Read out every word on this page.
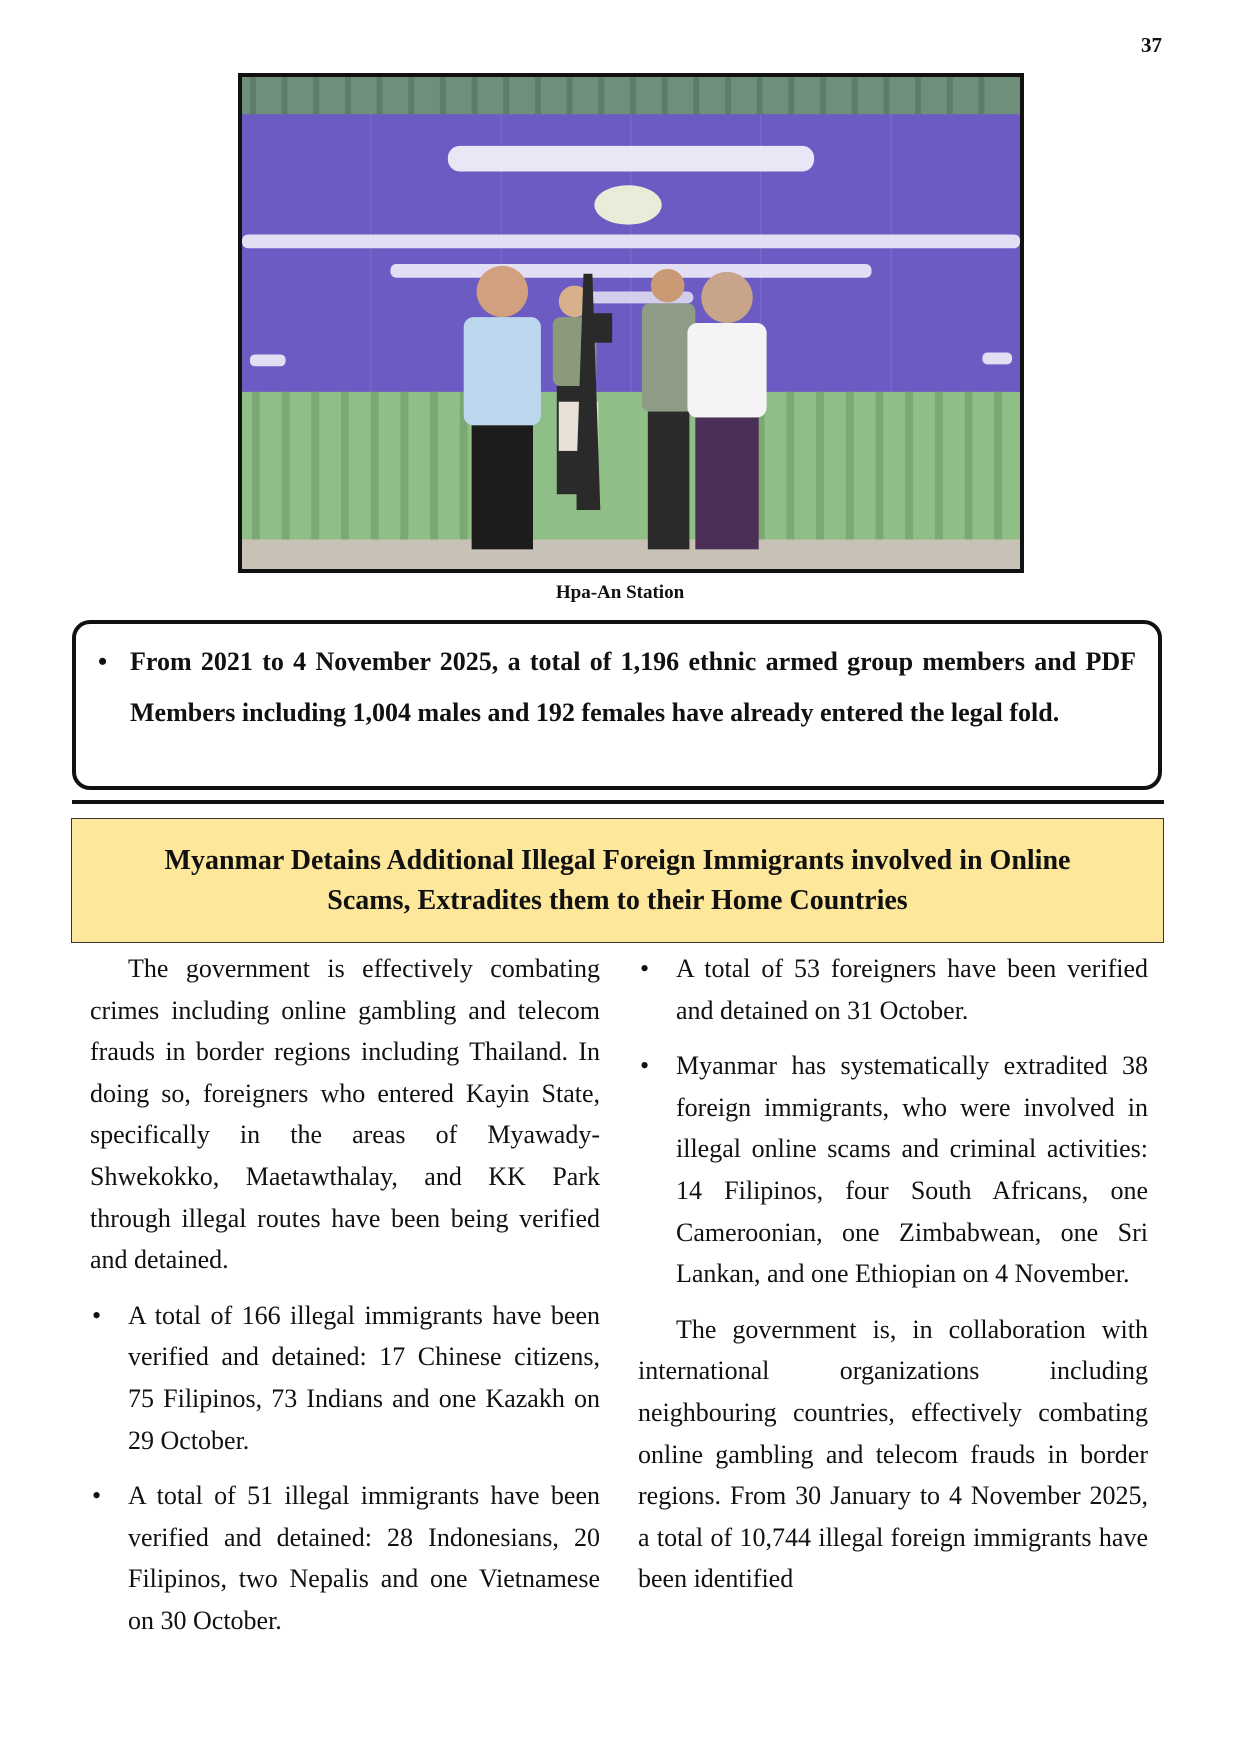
37
Hpa-An Station
• From 2021 to 4 November 2025, a total of 1,196 ethnic armed group members and PDF Members including 1,004 males and 192 females have already entered the legal fold.
Myanmar Detains Additional Illegal Foreign Immigrants involved in Online
Scams, Extradites them to their Home Countries

The government is effectively combating crimes including online gambling and telecom frauds in border regions including Thailand. In doing so, foreigners who entered Kayin State, specifically in the areas of Myawady-Shwekokko, Maetawthalay, and KK Park through illegal routes have been being verified and detained.

• A total of 166 illegal immigrants have been verified and detained: 17 Chinese citizens, 75 Filipinos, 73 Indians and one Kazakh on 29 October.
• A total of 51 illegal immigrants have been verified and detained: 28 Indonesians, 20 Filipinos, two Nepalis and one Vietnamese on 30 October.
• A total of 53 foreigners have been verified and detained on 31 October.
• Myanmar has systematically extradited 38 foreign immigrants, who were involved in illegal online scams and criminal activities: 14 Filipinos, four South Africans, one Cameroonian, one Zimbabwean, one Sri Lankan, and one Ethiopian on 4 November.

The government is, in collaboration with international organizations including neighbouring countries, effectively combating online gambling and telecom frauds in border regions. From 30 January to 4 November 2025, a total of 10,744 illegal foreign immigrants have been identified
